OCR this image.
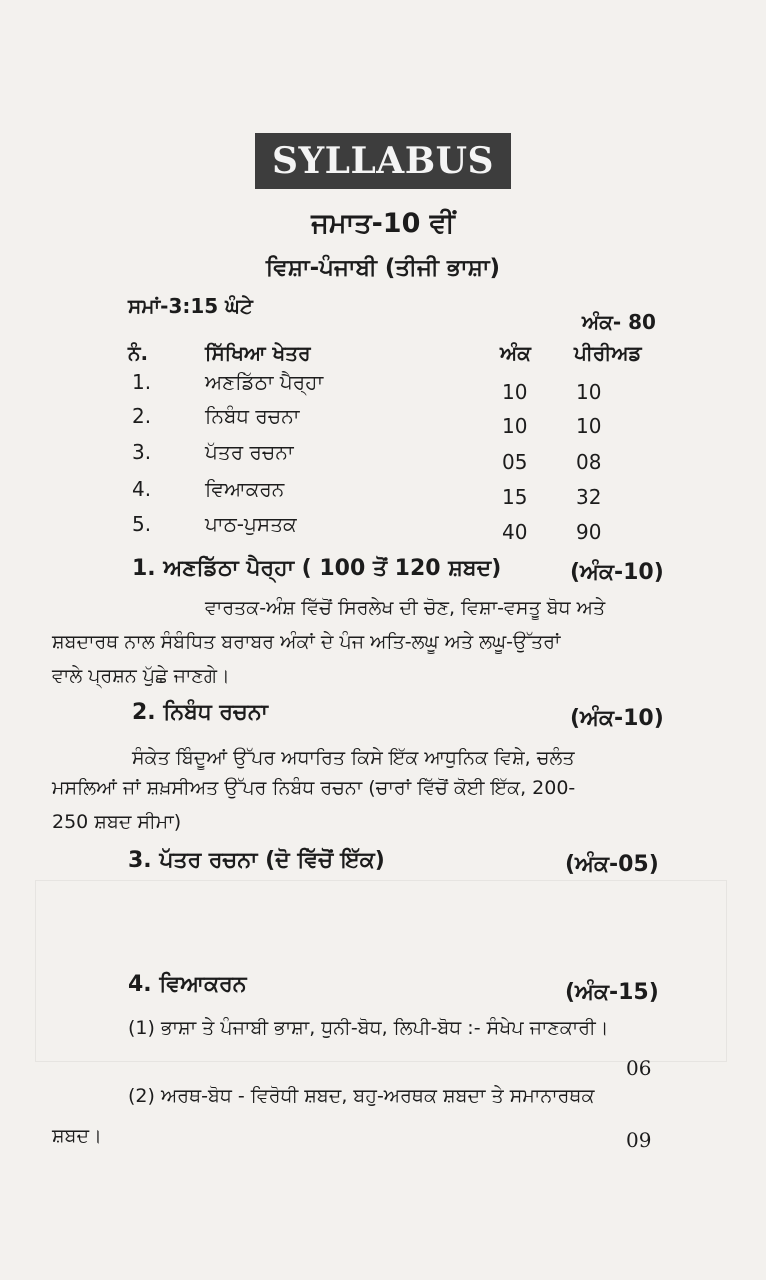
SYLLABUS
ਜਮਾਤ-10 ਵੀਂ
ਵਿਸ਼ਾ-ਪੰਜਾਬੀ (ਤੀਜੀ ਭਾਸ਼ਾ)
ਸਮਾਂ-3:15 ਘੰਟੇ
ਅੰਕ- 80
ਨੰ.	ਸਿੱਖਿਆ ਖੇਤਰ	ਅੰਕ ਪੀਰੀਅਡ
1.	ਅਣਡਿੱਠਾ ਪੈਰ੍ਹਾ	10 10
2.	ਨਿਬੰਧ ਰਚਨਾ	10 10
3.	ਪੱਤਰ ਰਚਨਾ	05 08
4.	ਵਿਆਕਰਨ	15 32
5.	ਪਾਠ-ਪੁਸਤਕ	40 90
1. ਅਣਡਿੱਠਾ ਪੈਰ੍ਹਾ ( 100 ਤੋਂ 120 ਸ਼ਬਦ)	(ਅੰਕ-10)
ਵਾਰਤਕ-ਅੰਸ਼ ਵਿੱਚੋਂ ਸਿਰਲੇਖ ਦੀ ਚੋਣ, ਵਿਸ਼ਾ-ਵਸਤੂ ਬੋਧ ਅਤੇ
ਸ਼ਬਦਾਰਥ ਨਾਲ ਸੰਬੰਧਿਤ ਬਰਾਬਰ ਅੰਕਾਂ ਦੇ ਪੰਜ ਅਤਿ-ਲਘੂ ਅਤੇ ਲਘੂ-ਉੱਤਰਾਂ
ਵਾਲੇ ਪ੍ਰਸ਼ਨ ਪੁੱਛੇ ਜਾਣਗੇ।
2. ਨਿਬੰਧ ਰਚਨਾ	(ਅੰਕ-10)
ਸੰਕੇਤ ਬਿੰਦੂਆਂ ਉੱਪਰ ਅਧਾਰਿਤ ਕਿਸੇ ਇੱਕ ਆਧੁਨਿਕ ਵਿਸ਼ੇ, ਚਲੰਤ
ਮਸਲਿਆਂ ਜਾਂ ਸ਼ਖ਼ਸੀਅਤ ਉੱਪਰ ਨਿਬੰਧ ਰਚਨਾ (ਚਾਰਾਂ ਵਿੱਚੋਂ ਕੋਈ ਇੱਕ, 200-
250 ਸ਼ਬਦ ਸੀਮਾ)
3. ਪੱਤਰ ਰਚਨਾ (ਦੋ ਵਿੱਚੋਂ ਇੱਕ)	(ਅੰਕ-05)
4. ਵਿਆਕਰਨ	(ਅੰਕ-15)
(1) ਭਾਸ਼ਾ ਤੇ ਪੰਜਾਬੀ ਭਾਸ਼ਾ, ਧੁਨੀ-ਬੋਧ, ਲਿਪੀ-ਬੋਧ :- ਸੰਖੇਪ ਜਾਣਕਾਰੀ।
06
(2) ਅਰਥ-ਬੋਧ - ਵਿਰੋਧੀ ਸ਼ਬਦ, ਬਹੁ-ਅਰਥਕ ਸ਼ਬਦਾ ਤੇ ਸਮਾਨਾਰਥਕ
ਸ਼ਬਦ।	09
